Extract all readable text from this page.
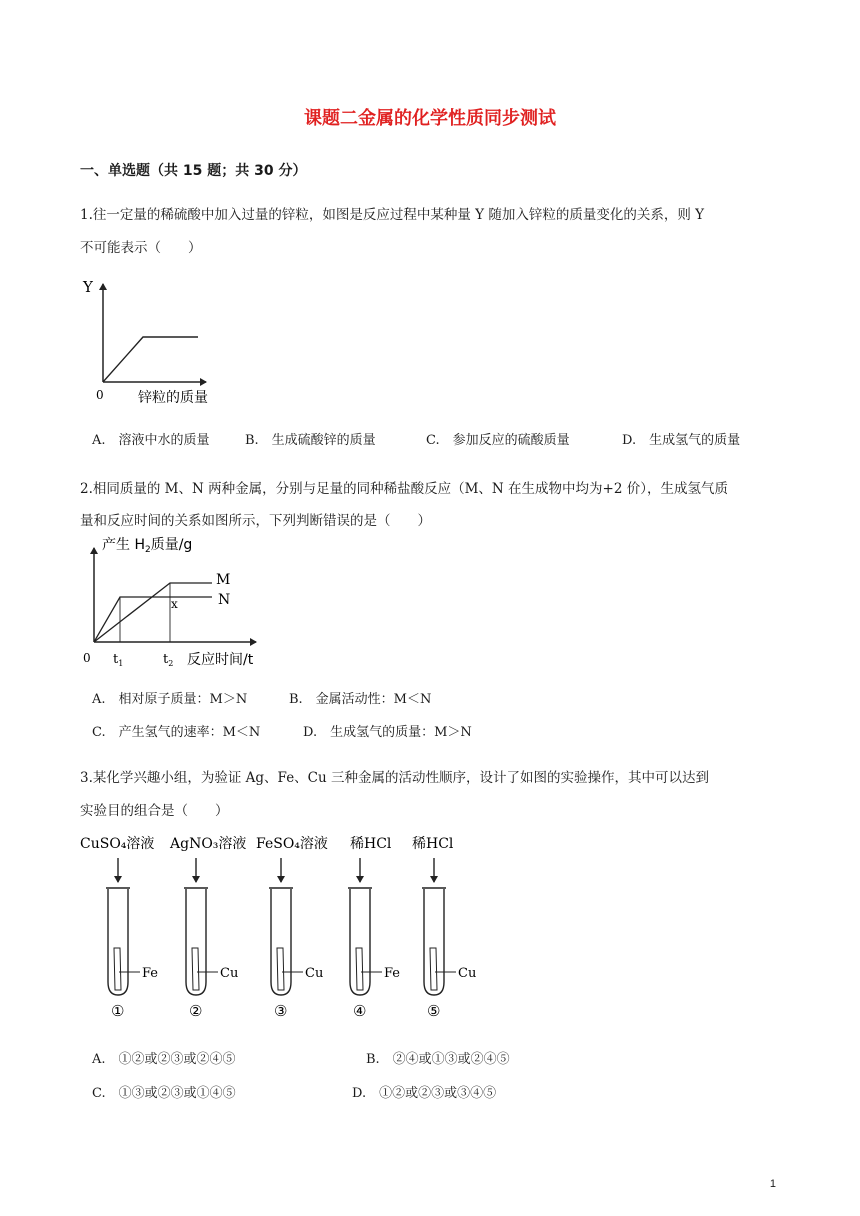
课题二金属的化学性质同步测试
一、单选题（共 15 题；共 30 分）
1.往一定量的稀硫酸中加入过量的锌粒，如图是反应过程中某种量 Y 随加入锌粒的质量变化的关系，则 Y
不可能表示（　　）
Y
0 锌粒的质量
A.　溶液中水的质量	B.　生成硫酸锌的质量	C.　参加反应的硫酸质量	D.　生成氢气的质量
2.相同质量的 M、N 两种金属，分别与足量的同种稀盐酸反应（M、N 在生成物中均为+2 价），生成氢气质
量和反应时间的关系如图所示，下列判断错误的是（　　）
产生 $H_2$质量/g
M
N
x
0 $t_1$	$t_2$ 反应时间/t
A.　相对原子质量：M＞N	B.　金属活动性：M＜N
C.　产生氢气的速率：M＜N	D.　生成氢气的质量：M＞N
3.某化学兴趣小组，为验证 Ag、Fe、Cu 三种金属的活动性顺序，设计了如图的实验操作，其中可以达到
实验目的组合是（　　）
CuSO₄溶液
Fe
①
AgNO₃溶液
Cu
②
FeSO₄溶液
Cu
③
稀HCl
Fe
④
稀HCl
Cu
⑤
A.　①②或②③或②④⑤	B.　②④或①③或②④⑤
C.　①③或②③或①④⑤	D.　①②或②③或③④⑤
1
